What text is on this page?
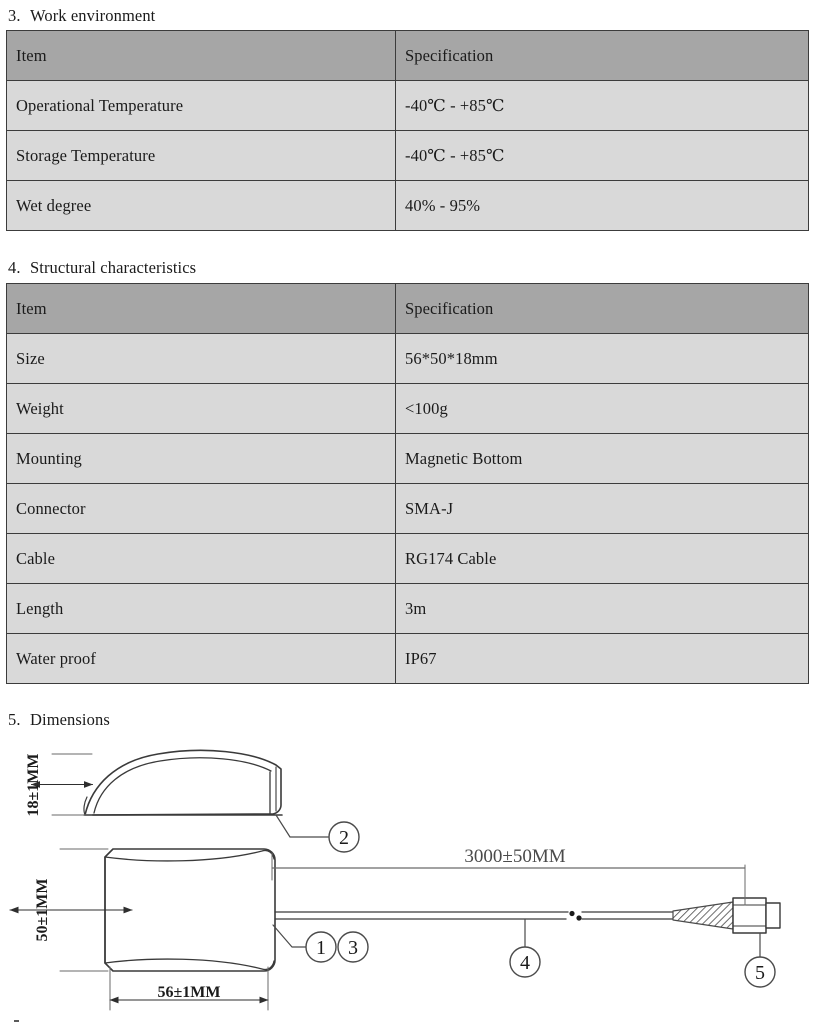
3. Work environment
Item	Specification
Operational Temperature	-40℃ - +85℃
Storage Temperature	-40℃ - +85℃
Wet degree	40% - 95%
4. Structural characteristics
Item	Specification
Size	56*50*18mm
Weight	<100g
Mounting	Magnetic Bottom
Connector	SMA-J
Cable	RG174 Cable
Length	3m
Water proof	IP67
5. Dimensions
18±1MM
50±1MM
56±1MM
3000±50MM
2
1 3
4	5
